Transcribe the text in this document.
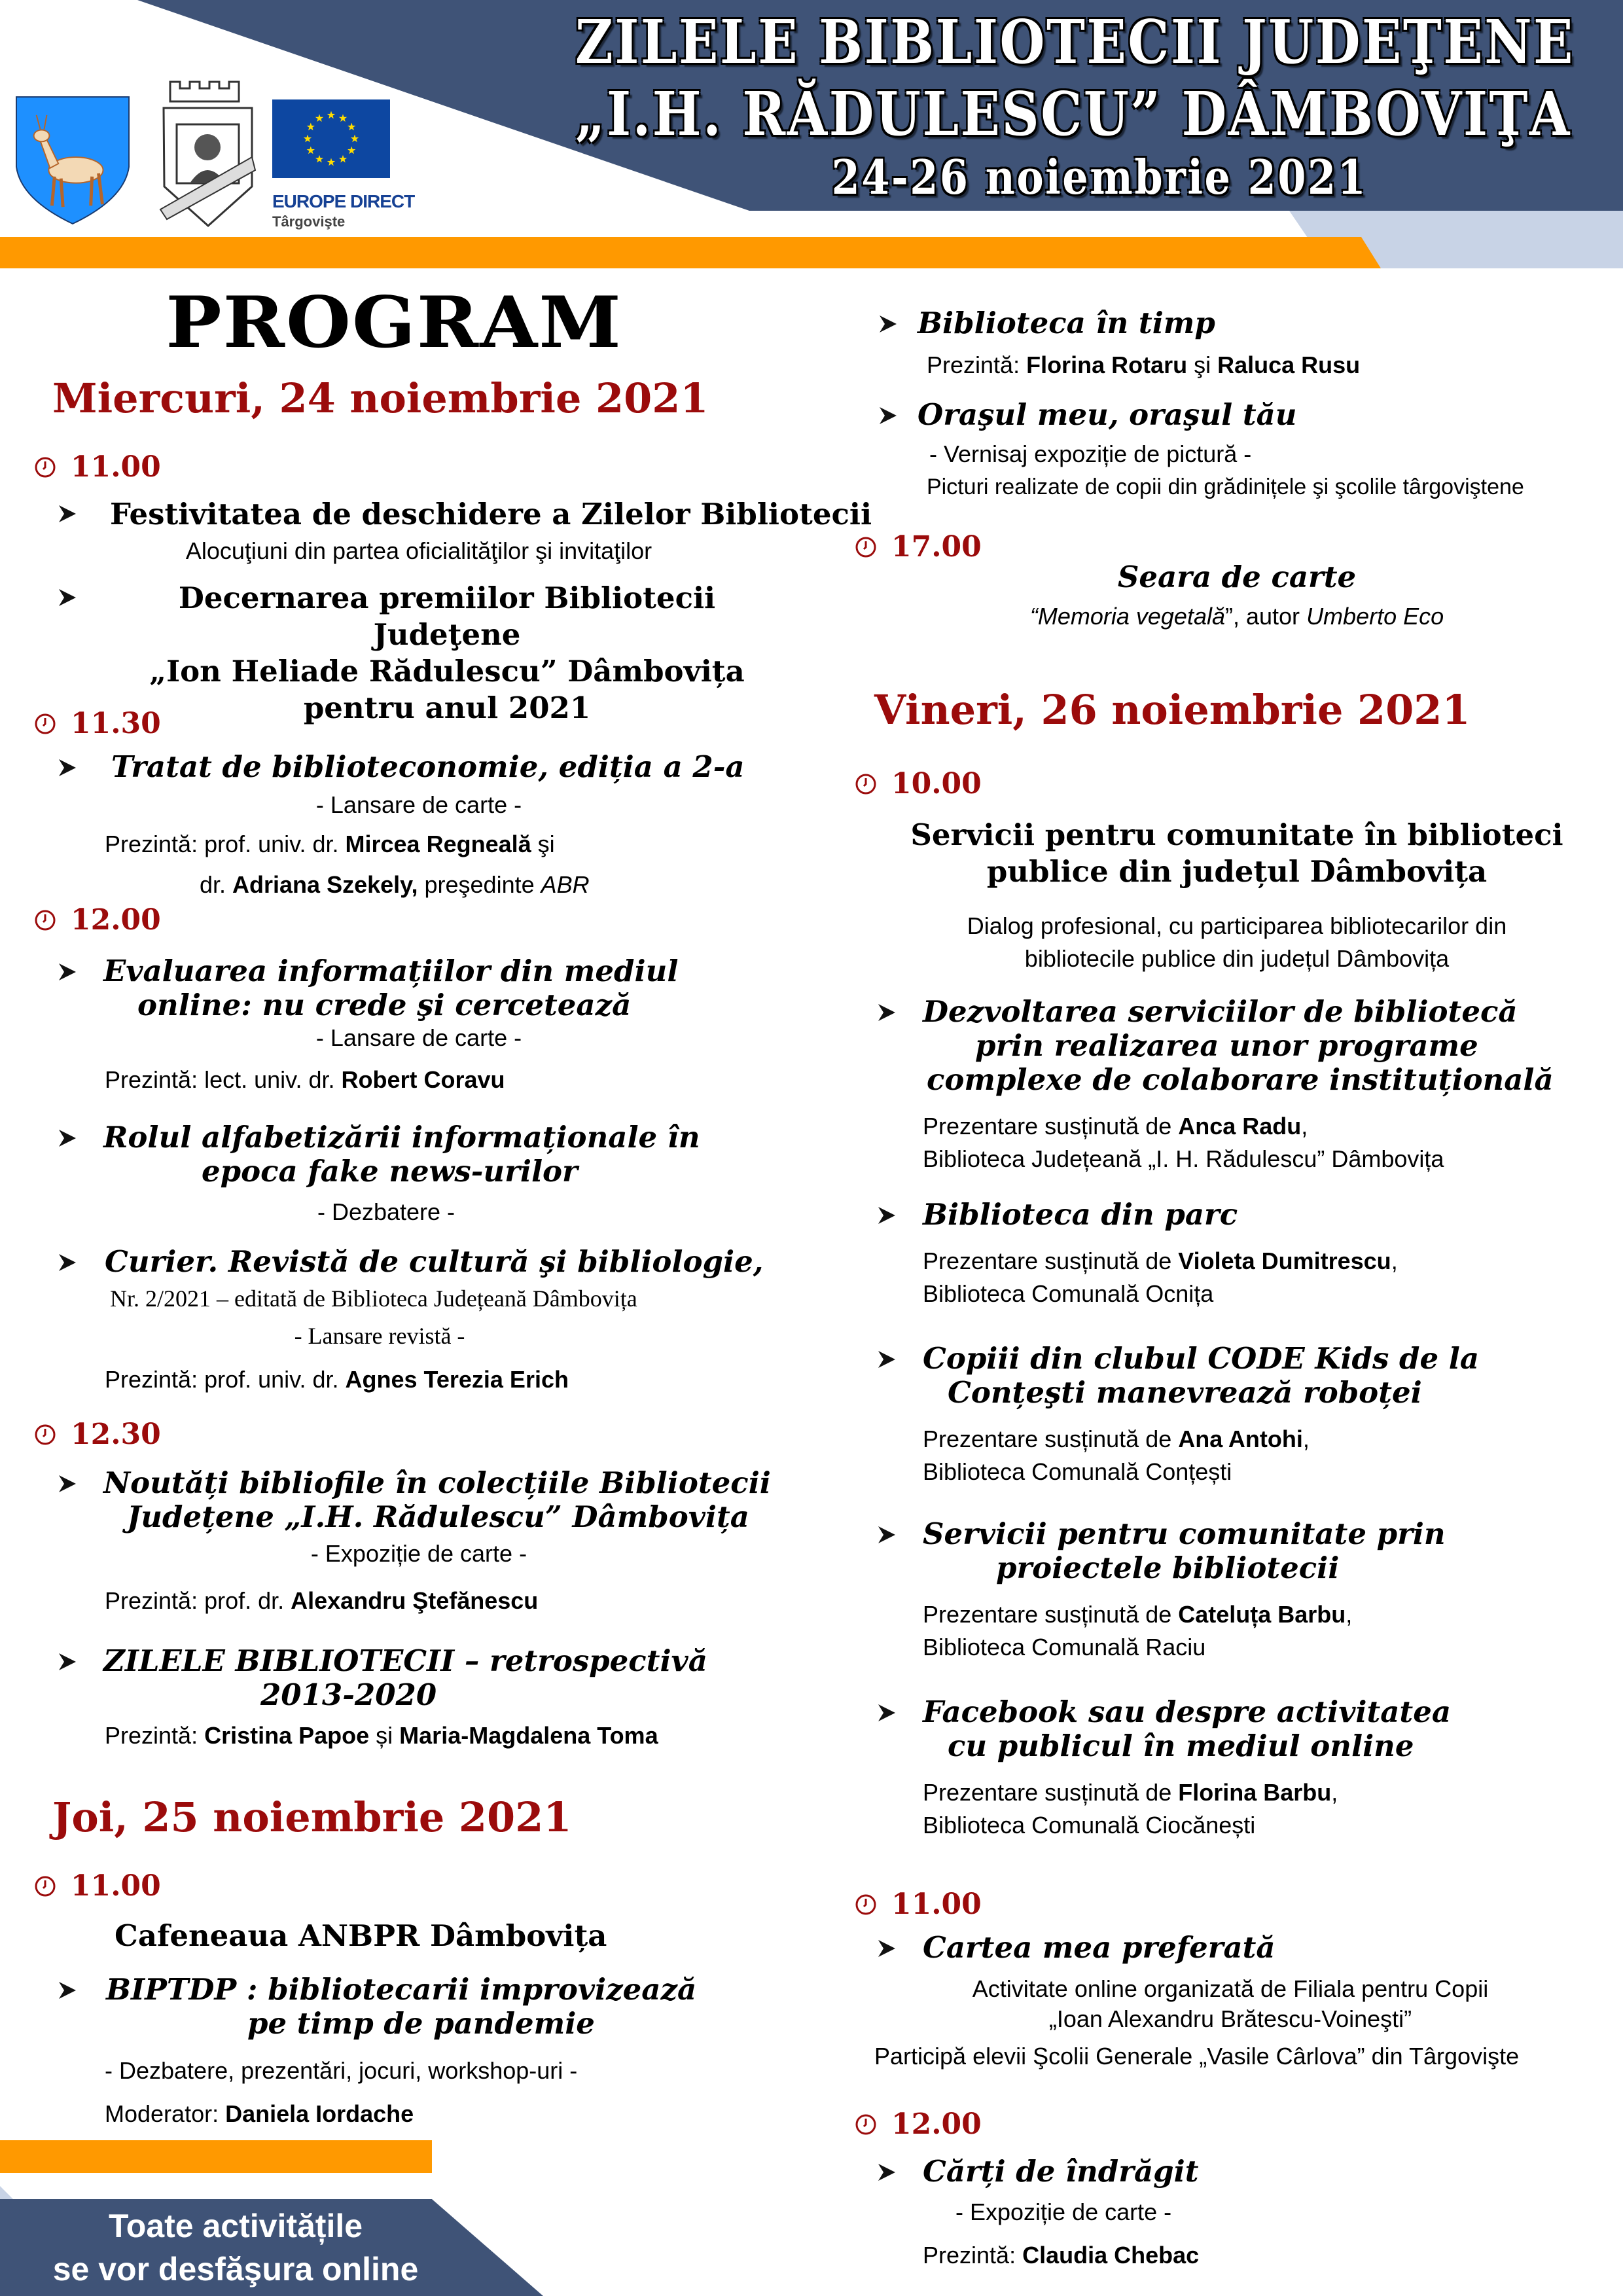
ZILELE BIBLIOTECII JUDEŢENE
„I.H. RĂDULESCU” DÂMBOVIŢA
24-26 noiembrie 2021
EUROPE DIRECT
Târgovişte
PROGRAM
Miercuri, 24 noiembrie 2021
11.00
Festivitatea de deschidere a Zilelor Bibliotecii
Alocuţiuni din partea oficialităţilor şi invitaţilor
Decernarea premiilor Bibliotecii Judeţene
„Ion Heliade Rădulescu” Dâmbovița
pentru anul 2021
11.30
Tratat de biblioteconomie, ediția a 2-a
- Lansare de carte -
Prezintă: prof. univ. dr. Mircea Regneală şi
dr. Adriana Szekely, preşedinte ABR
12.00
Evaluarea informațiilor din mediul
online: nu crede şi cercetează
- Lansare de carte -
Prezintă: lect. univ. dr. Robert Coravu
Rolul alfabetizării informaționale în
epoca fake news-urilor
- Dezbatere -
Curier. Revistă de cultură şi bibliologie,
Nr. 2/2021 – editată de Biblioteca Județeană Dâmbovița
- Lansare revistă -
Prezintă: prof. univ. dr. Agnes Terezia Erich
12.30
Noutăți bibliofile în colecțiile Bibliotecii
Județene „I.H. Rădulescu” Dâmbovița
- Expoziție de carte -
Prezintă: prof. dr. Alexandru Ştefănescu
ZILELE BIBLIOTECII – retrospectivă
2013-2020
Prezintă: Cristina Papoe și Maria-Magdalena Toma
Joi, 25 noiembrie 2021
11.00
Cafeneaua ANBPR Dâmbovița
BIPTDP : bibliotecarii improvizează
pe timp de pandemie
- Dezbatere, prezentări, jocuri, workshop-uri -
Moderator: Daniela Iordache
Toate activitățile
se vor desfăşura online
Biblioteca în timp
Prezintă: Florina Rotaru şi Raluca Rusu
Oraşul meu, oraşul tău
- Vernisaj expoziție de pictură -
Picturi realizate de copii din grădinițele şi şcolile târgoviştene
17.00
Seara de carte
“Memoria vegetală”, autor Umberto Eco
Vineri, 26 noiembrie 2021
10.00
Servicii pentru comunitate în biblioteci
publice din județul Dâmbovița
Dialog profesional, cu participarea bibliotecarilor din
bibliotecile publice din județul Dâmbovița
Dezvoltarea serviciilor de bibliotecă
prin realizarea unor programe
complexe de colaborare instituțională
Prezentare susținută de Anca Radu,
Biblioteca Județeană „I. H. Rădulescu” Dâmbovița
Biblioteca din parc
Prezentare susținută de Violeta Dumitrescu,
Biblioteca Comunală Ocnița
Copiii din clubul CODE Kids de la
Conțeşti manevrează roboței
Prezentare susținută de Ana Antohi,
Biblioteca Comunală Conțești
Servicii pentru comunitate prin
proiectele bibliotecii
Prezentare susținută de Cateluța Barbu,
Biblioteca Comunală Raciu
Facebook sau despre activitatea
cu publicul în mediul online
Prezentare susținută de Florina Barbu,
Biblioteca Comunală Ciocănești
11.00
Cartea mea preferată
Activitate online organizată de Filiala pentru Copii
„Ioan Alexandru Brătescu-Voineşti”
Participă elevii Şcolii Generale „Vasile Cârlova” din Târgovişte
12.00
Cărți de îndrăgit
- Expoziție de carte -
Prezintă: Claudia Chebac
